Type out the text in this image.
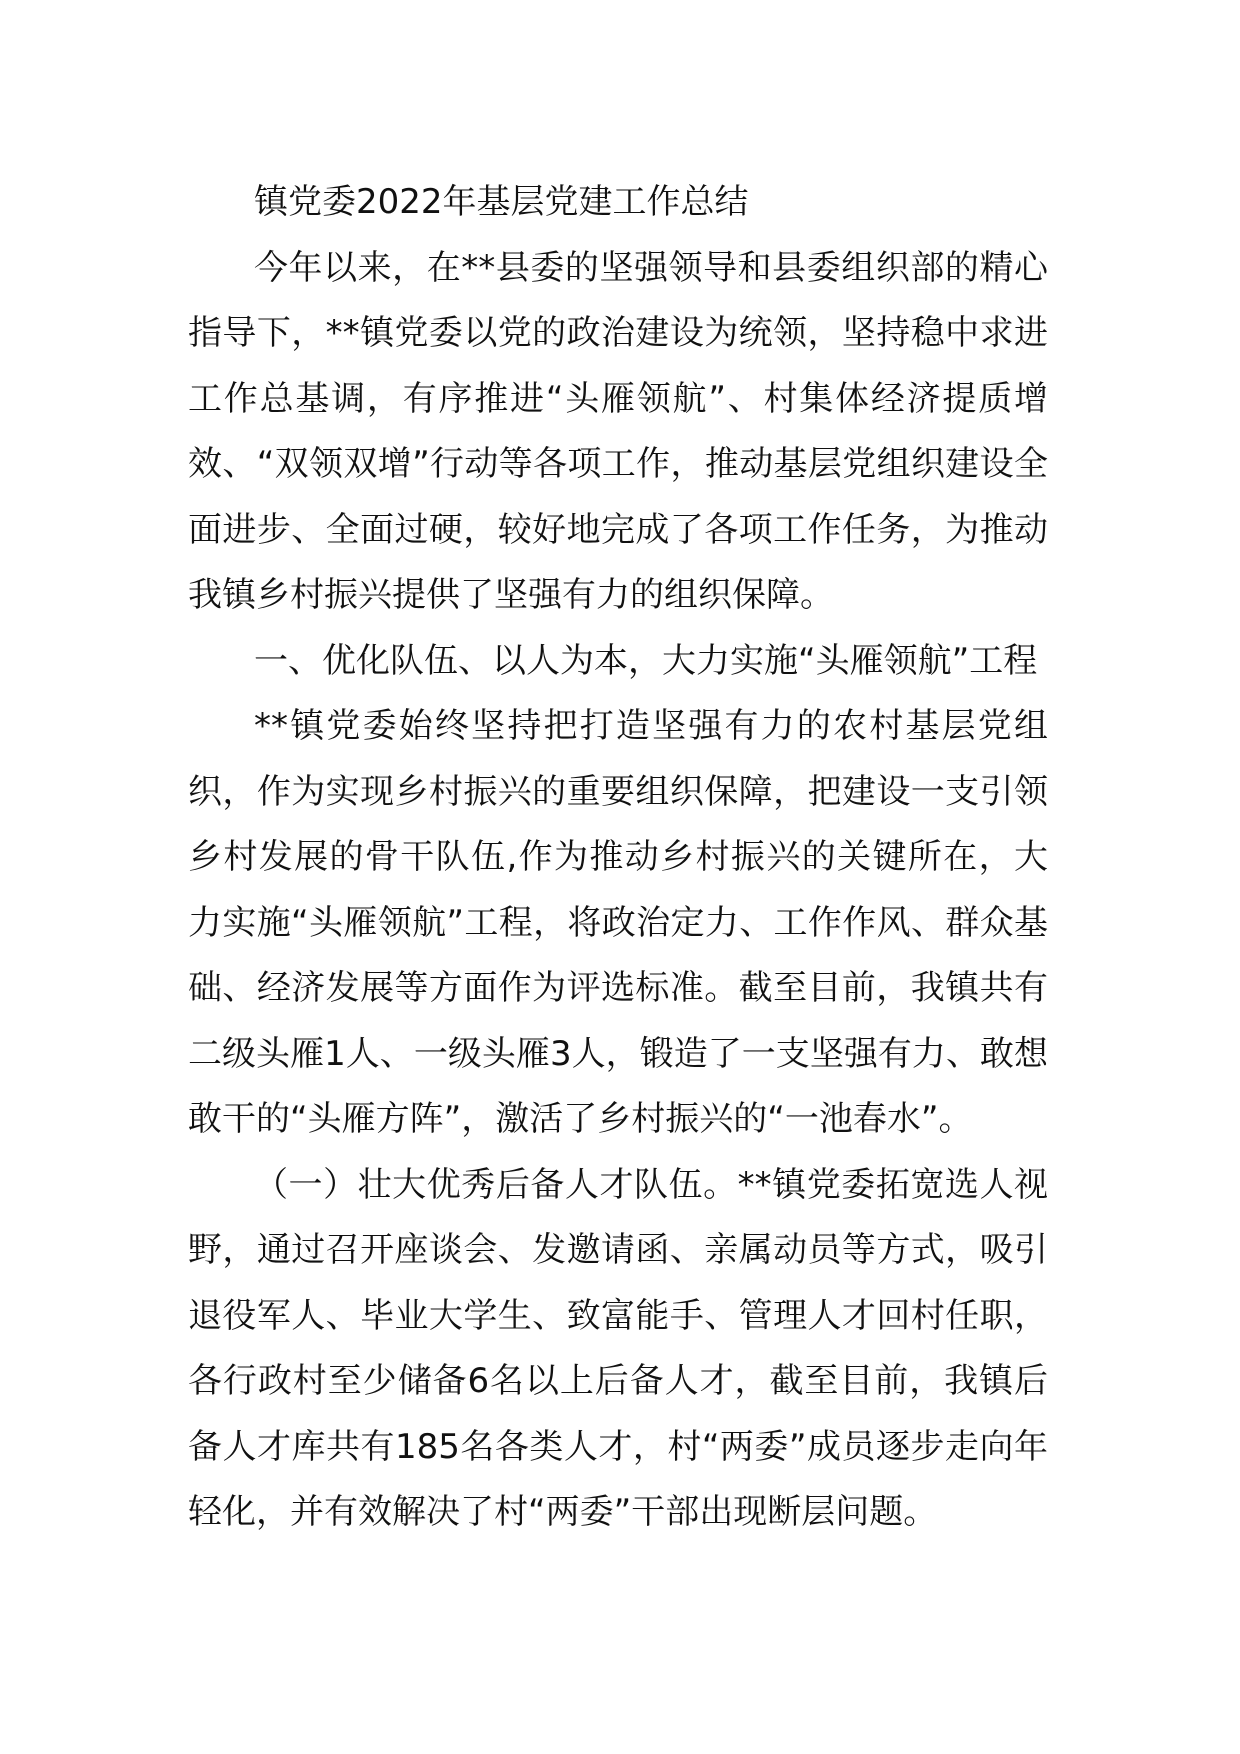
镇党委2022年基层党建工作总结

今年以来，在**县委的坚强领导和县委组织部的精心指导下，**镇党委以党的政治建设为统领，坚持稳中求进工作总基调，有序推进“头雁领航”、村集体经济提质增效、“双领双增”行动等各项工作，推动基层党组织建设全面进步、全面过硬，较好地完成了各项工作任务，为推动我镇乡村振兴提供了坚强有力的组织保障。

一、优化队伍、以人为本，大力实施“头雁领航”工程

**镇党委始终坚持把打造坚强有力的农村基层党组织，作为实现乡村振兴的重要组织保障，把建设一支引领乡村发展的骨干队伍,作为推动乡村振兴的关键所在，大力实施“头雁领航”工程，将政治定力、工作作风、群众基础、经济发展等方面作为评选标准。截至目前，我镇共有二级头雁1人、一级头雁3人，锻造了一支坚强有力、敢想敢干的“头雁方阵”，激活了乡村振兴的“一池春水”。

（一）壮大优秀后备人才队伍。**镇党委拓宽选人视野，通过召开座谈会、发邀请函、亲属动员等方式，吸引退役军人、毕业大学生、致富能手、管理人才回村任职，各行政村至少储备6名以上后备人才，截至目前，我镇后备人才库共有185名各类人才，村“两委”成员逐步走向年轻化，并有效解决了村“两委”干部出现断层问题。
